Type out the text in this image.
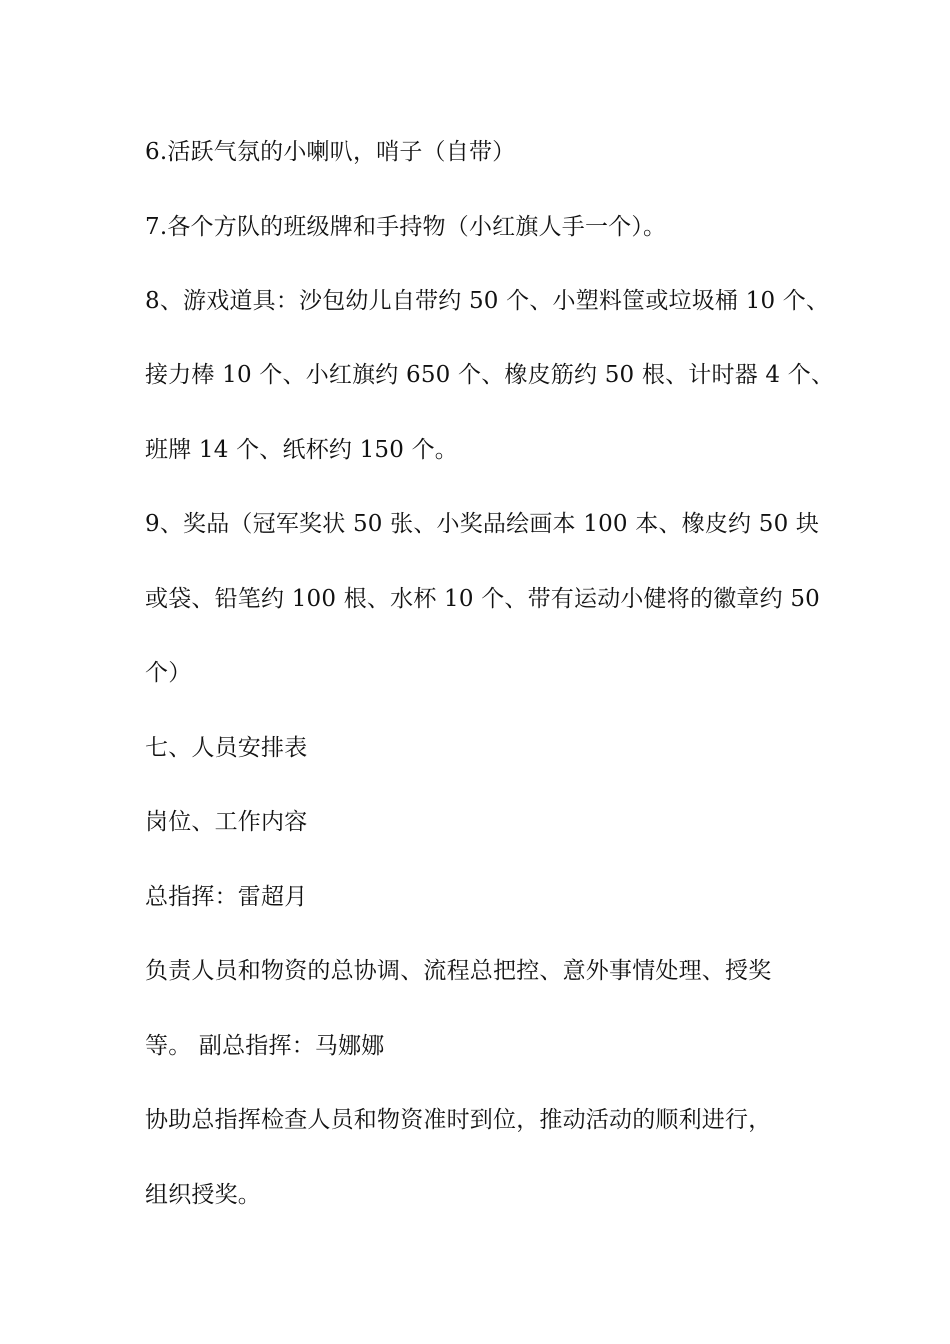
6.活跃气氛的小喇叭，哨子（自带）
7.各个方队的班级牌和手持物（小红旗人手一个）。
8、游戏道具：沙包幼儿自带约 50 个、小塑料筐或垃圾桶 10 个、
接力棒 10 个、小红旗约 650 个、橡皮筋约 50 根、计时器 4 个、
班牌 14 个、纸杯约 150 个。
9、奖品（冠军奖状 50 张、小奖品绘画本 100 本、橡皮约 50 块
或袋、铅笔约 100 根、水杯 10 个、带有运动小健将的徽章约 50
个）
七、人员安排表
岗位、工作内容
总指挥：雷超月
负责人员和物资的总协调、流程总把控、意外事情处理、授奖
等。 副总指挥：马娜娜
协助总指挥检查人员和物资准时到位，推动活动的顺利进行，
组织授奖。
